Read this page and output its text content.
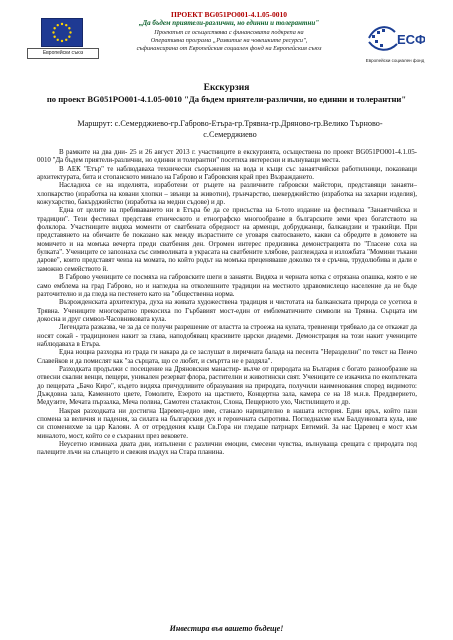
Европейски съюз
ПРОЕКТ BG051PO001-4.1.05-0010
„Да бъдем приятели-различни, но единни и толерантни"
Проектът се осъществява с финансовата подкрепа на
Оперативна програма „Развитие на човешките ресурси",
съфинансирана от Европейския социален фонд на Европейския съюз
ЕСФ
Европейски социален фонд
Екскурзия
по проект BG051PO001-4.1.05-0010 "Да бъдем приятели-различни, но единни и толерантни"
Маршрут: с.Семерджиево-гр.Габрово-Етъра-гр.Трявна-гр.Дряново-гр.Велико Търново-с.Семерджиево

В рамките на два дни- 25 и 26 август 2013 г. участниците в екскурзията, осъществена по проект BG051PO001-4.1.05-0010 "Да бъдем приятели-различни, но единни и толерантни" посетиха интересни и вълнуващи места.

В АЕК "Етър" те наблюдаваха технически съоръжения на вода и къщи със занаятчийски работилници, показващи архитектурата, бита и стопанското минало на Габрово и Габровския край през Възраждането.

Насладиха се на изделията, изработени от ръцете на различните габровски майстори, представящи занаяти– хлопкарство (изработка на ковани хлопки – звънци за животни), грънчарство, шекерджийство (изработка на захарни изделия), кожухарство, бакърджийство (изработка на медни съдове) и др.

Една от целите на пребиваването ни в Етъра бе да се присъства на 6-тото издание на фестивала "Занаятчийска и традиции". Тези фестивал представя етническото и етнографско многообразие в българските земи чрез богатството на фолклора. Участниците видяха моменти от сватбената обредност на арменци, добруджанци, балкандзии и тракийци. При представянето на обичаите бе показано как между възрастните се уговаря сватосването, какви са обредите в домовете на момичето и на момъка вечерта преди сватбения ден. Огромен интерес предизвика демонстрацията по "Гласене соха на булката". Учениците се запознаха със символиката в украсата на сватбените хлябове, разглеждаха и изложбата "Момини тъкани дарове", които представят чеиза на момата, по който родът на момъка преценяваше доколко тя е сръчна, трудолюбива и дали е заможно семейството й.

В Габрово учениците се посмяха на габровските шеги в занаяти. Видяха и черната котка с отрязана опашка, която е не само емблема на град Габрово, но и нагледна на отколешните традиции на местното здравомислещо население да не бъде разточително и да гледа на пестенето като на "общественна норма.

Възрожденската архитектура, духа на живата художествена традиция и чистотата на балканската природа се усетиха в Трявна. Учениците многократно прекосиха по Гърбавият мост-един от емблематичните символи на Трявна. Сърцата им докосна и друг символ-Часовниковата кула.

Легендата разказва, че за да се получи разрешение от властта за строежа на кулата, тревненци трябвало да се откажат да носят сокай - традиционен накит за глава, наподобяващ красивите царски диадеми. Демонстрация на този накит учениците наблюдаваха в Етъра.

Една нощна разходка из града ги накара да се заслушат в лиричната балада на песента "Неразделни" по текст на Пенчо Славейков и да помислят как "за сърцата, що се любят, и смъртта не е раздяла".

Разходката продължи с посещение на Дряновския манастир- вълче от природата на България с богато разнообразие на отвесни скални венци, пещери, уникален резерват флора, растителни и животински свят. Учениците се изкачиха по екопътеката до пещерата „Бачо Киро", където видяха причудливите образувания на природата, получили наименования според видимото: Дъждовна зала, Каменното цвете, Гомолите, Езерото на щастието, Концертна зала, камера се на 18 м.н.в. Преддверието, Медузите, Мечата пързалка, Меча полвиа, Самотен сталактон, Слона, Пещерното ухо, Чистилището и др.

Накрая разходката ни достигна Царевец-едно име, станало нарицателно в нашата история. Един връх, който пази спомена за величия и падения, за силата на българския дух и героичната съпротива. Погледнахме към Балдуиновата кула, ние си споменихме за цар Калоян. А от отреддения къщи Св.Гора ни гледаше патриарх Евтимий. За нас Царевец е мост към миналото, мост, който се е съхранил през вековете.

Неусетно изминаха двата дни, изпълнени с различни емоции, смесени чувства, вълнуваща срещата с природата под палещите лъчи на слънцето и свежия въздух на Стара планина.

Инвестира във вашето бъдеще!
